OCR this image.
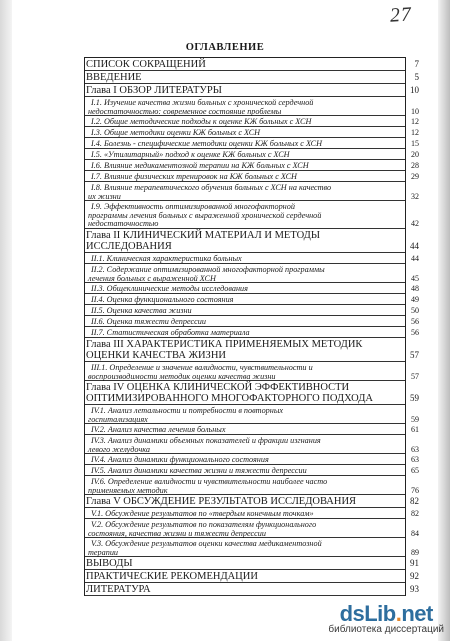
27
ОГЛАВЛЕНИЕ
СПИСОК СОКРАЩЕНИЙ	7
ВВЕДЕНИЕ	5
Глава I ОБЗОР ЛИТЕРАТУРЫ	10
I.1. Изучение качества жизни больных с хронической сердечной
недостаточностью: современное состояние проблемы	10
I.2. Общие методические подходы к оценке КЖ больных с ХСН	12
I.3. Общие методики оценки КЖ больных с ХСН	12
I.4. Болезнь - специфические методики оценки КЖ больных с ХСН	15
I.5. «Утилитарный» подход к оценке КЖ больных с ХСН	20
I.6. Влияние медикаментозной терапии на КЖ больных с ХСН	28
I.7. Влияние физических тренировок на КЖ больных с ХСН	29
I.8. Влияние терапевтического обучения больных с ХСН на качество
их жизни	32
I.9. Эффективность оптимизированной многофакторной
программы лечения больных с выраженной хронической сердечной
недостаточностью	42
Глава II КЛИНИЧЕСКИЙ МАТЕРИАЛ И МЕТОДЫ
ИССЛЕДОВАНИЯ	44
II.1. Клиническая характеристика больных	44
II.2. Содержание оптимизированной многофакторной программы
лечения больных с выраженной ХСН	45
II.3. Общеклинические методы исследования	48
II.4. Оценка функционального состояния	49
II.5. Оценка качества жизни	50
II.6. Оценка тяжести депрессии	56
II.7. Статистическая обработка материала	56
Глава III ХАРАКТЕРИСТИКА ПРИМЕНЯЕМЫХ МЕТОДИК
ОЦЕНКИ КАЧЕСТВА ЖИЗНИ	57
III.1. Определение и значение валидности, чувствительности и
воспроизводимости методик оценки качества жизни	57
Глава IV ОЦЕНКА КЛИНИЧЕСКОЙ ЭФФЕКТИВНОСТИ
ОПТИМИЗИРОВАННОГО МНОГОФАКТОРНОГО ПОДХОДА	59
IV.1. Анализ летальности и потребности в повторных
госпитализациях	59
IV.2. Анализ качества лечения больных	61
IV.3. Анализ динамики объемных показателей и фракции изгнания
левого желудочка	63
IV.4. Анализ динамики функционального состояния	63
IV.5. Анализ динамики качества жизни и тяжести депрессии	65
IV.6. Определение валидности и чувствительности наиболее часто
применяемых методик	76
Глава V ОБСУЖДЕНИЕ РЕЗУЛЬТАТОВ ИССЛЕДОВАНИЯ	82
V.1. Обсуждение результатов по «твердым конечным точкам»	82
V.2. Обсуждение результатов по показателям функционального
состояния, качества жизни и тяжести депрессии	84
V.3. Обсуждение результатов оценки качества медикаментозной
терапии	89
ВЫВОДЫ	91
ПРАКТИЧЕСКИЕ РЕКОМЕНДАЦИИ	92
ЛИТЕРАТУРА	93
dsLib.net
библиотека диссертаций
